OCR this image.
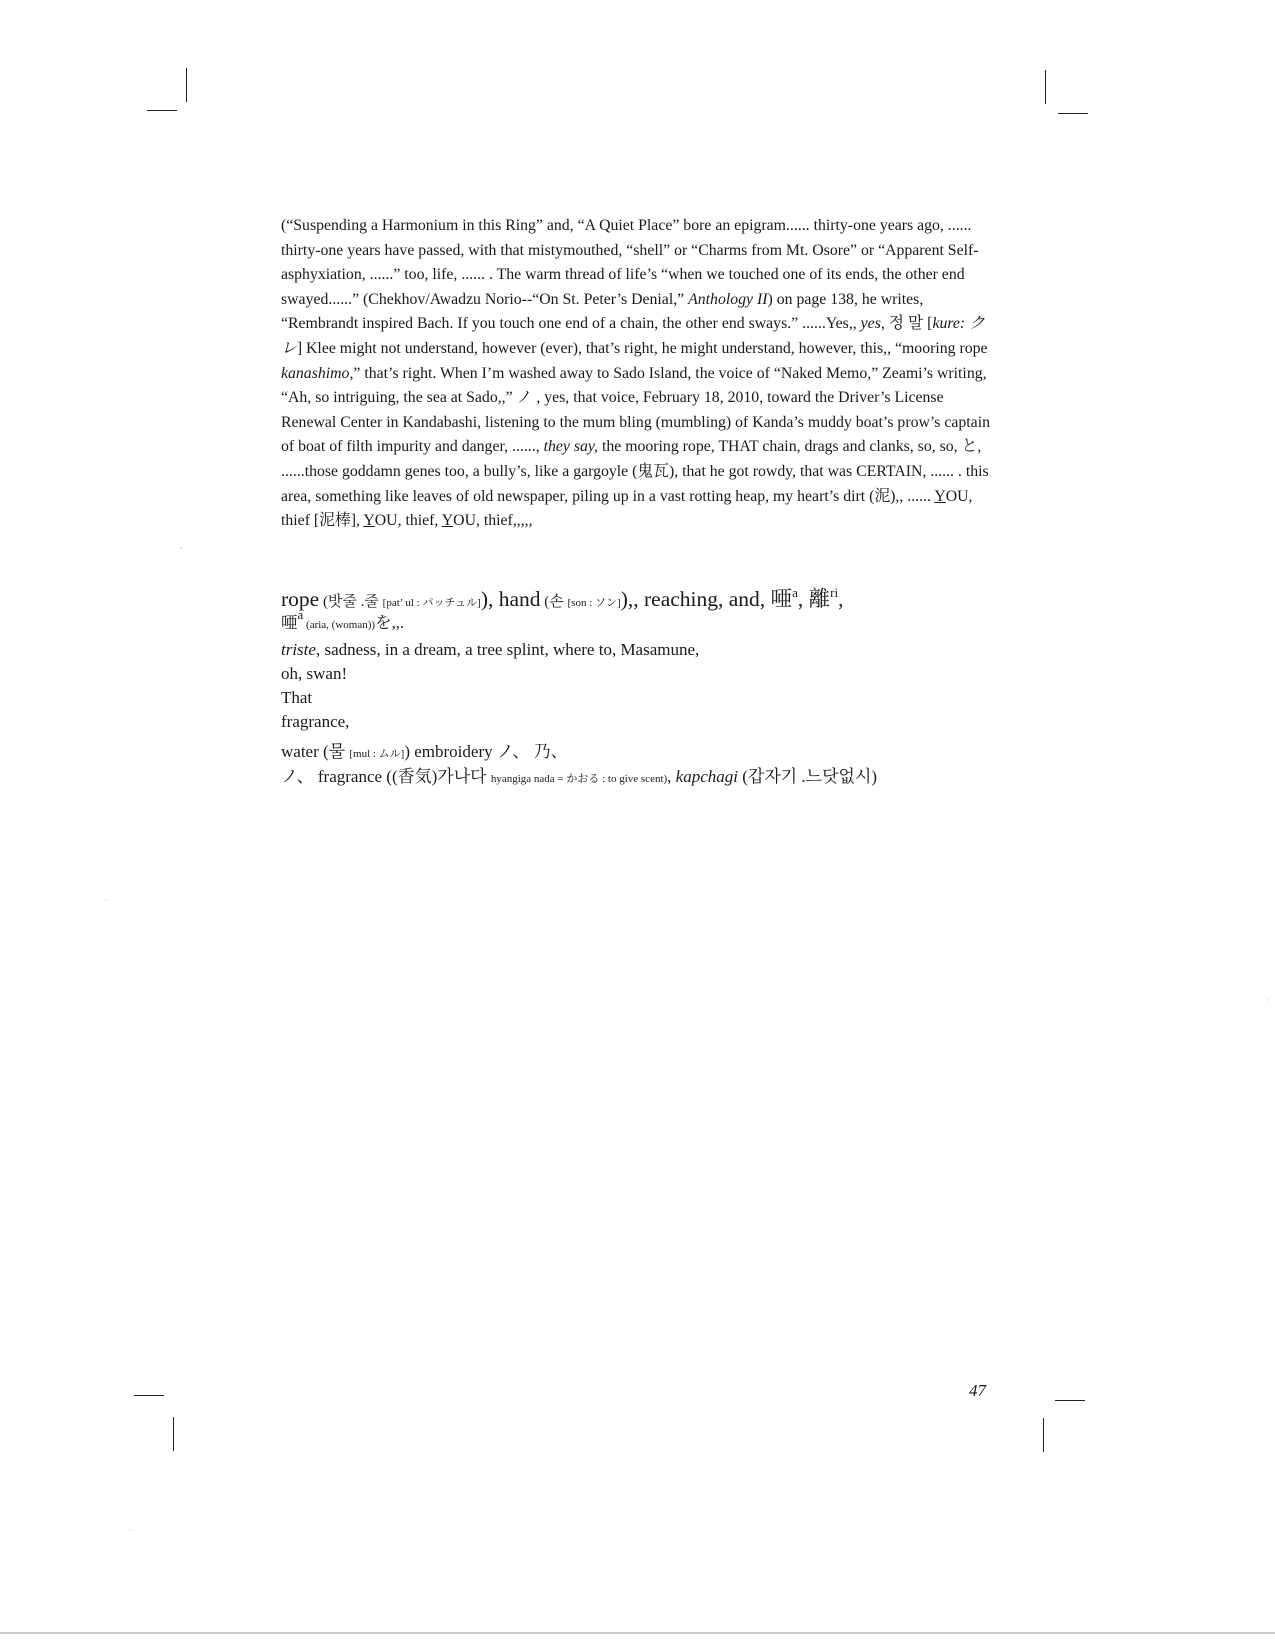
(“Suspending a Harmonium in this Ring” and, “A Quiet Place” bore an epigram...... thirty-one years ago, ...... thirty-one years have passed, with that mistymouthed, “shell” or “Charms from Mt. Osore” or “Apparent Self-asphyxiation, ......” too, life, ...... . The warm thread of life’s “when we touched one of its ends, the other end swayed......” (Chekhov/Awadzu Norio--“On St. Peter’s Denial,” Anthology II) on page 138, he writes, “Rembrandt inspired Bach. If you touch one end of a chain, the other end sways.” ......Yes,, yes, 정 말 [kure: ク レ] Klee might not understand, however (ever), that’s right, he might understand, however, this,, “mooring rope kanashimo,” that’s right. When I’m washed away to Sado Island, the voice of “Naked Memo,” Zeami’s writing, “Ah, so intriguing, the sea at Sado,,” ノ , yes, that voice, February 18, 2010, toward the Driver’s License Renewal Center in Kandabashi, listening to the mum bling (mumbling) of Kanda’s muddy boat’s prow’s captain of boat of filth impurity and danger, ......, they say, the mooring rope, THAT chain, drags and clanks, so, so, と, ......those goddamn genes too, a bully’s, like a gargoyle (鬼瓦), that he got rowdy, that was CERTAIN, ...... . this area, something like leaves of old newspaper, piling up in a vast rotting heap, my heart’s dirt (泥),, ...... YOU, thief [泥棒], YOU, thief, YOU, thief,,,,,

rope (밧줄 .줄 [pat’ ul : パッチュル]), hand (손 [son : ソン]),, reaching, and, 唖$^a$, 離$^{ri}$,
唖$^a$ (aria, (woman))を,,.
triste, sadness, in a dream, a tree splint, where to, Masamune,
oh, swan!
That
fragrance,
water (물 [mul : ムル]) embroidery ノ、 乃、
ノ、 fragrance ((香気)가나다 hyangiga nada = かおる : to give scent), kapchagi (갑자기 .느닷없시)
47
